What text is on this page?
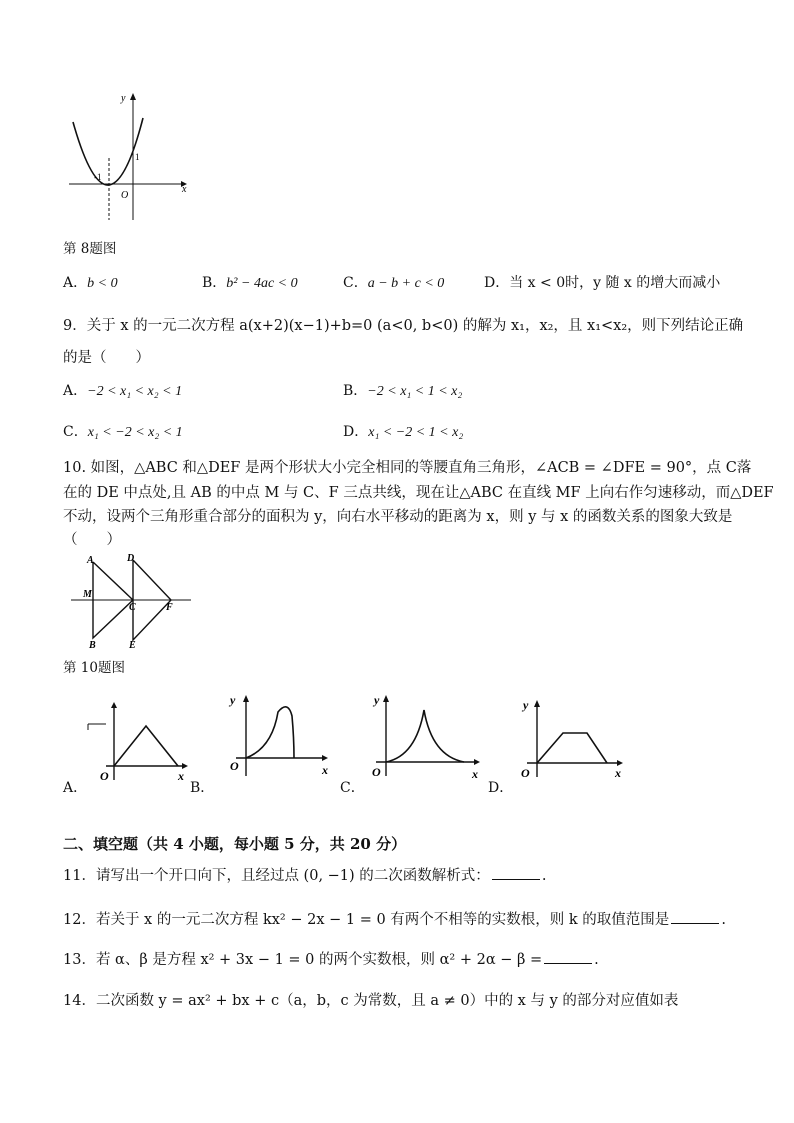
y
x
O
-1
1
第 8题图
A．b < 0	B．b² − 4ac < 0	C．a − b + c < 0	D．当 x < 0时，y 随 x 的增大而减小
9．关于 x 的一元二次方程 a(x+2)(x−1)+b=0 (a<0, b<0) 的解为 x₁，x₂，且 x₁<x₂，则下列结论正确
的是（　　）
A．−2 < x₁ < x₂ < 1	B．−2 < x₁ < 1 < x₂
C．x₁ < −2 < x₂ < 1	D．x₁ < −2 < 1 < x₂
10. 如图，△ABC 和△DEF 是两个形状大小完全相同的等腰直角三角形，∠ACB = ∠DFE = 90°，点 C落
在的 DE 中点处,且 AB 的中点 M 与 C、F 三点共线，现在让△ABC 在直线 MF 上向右作匀速移动，而△DEF
不动，设两个三角形重合部分的面积为 y，向右水平移动的距离为 x，则 y 与 x 的函数关系的图象大致是
（　　）
A	D
M
C	F
B	E
第 10题图
x
O
A．
y
x
O
B．
y
x
O
C．
y
x
O
D．
二、填空题（共 4 小题，每小题 5 分，共 20 分）
11．请写出一个开口向下，且经过点 (0, −1) 的二次函数解析式：	.
12．若关于 x 的一元二次方程 kx² − 2x − 1 = 0 有两个不相等的实数根，则 k 的取值范围是	.
13．若 α、β 是方程 x² + 3x − 1 = 0 的两个实数根，则 α² + 2α − β =	.
14．二次函数 y = ax² + bx + c（a，b，c 为常数，且 a ≠ 0）中的 x 与 y 的部分对应值如表
